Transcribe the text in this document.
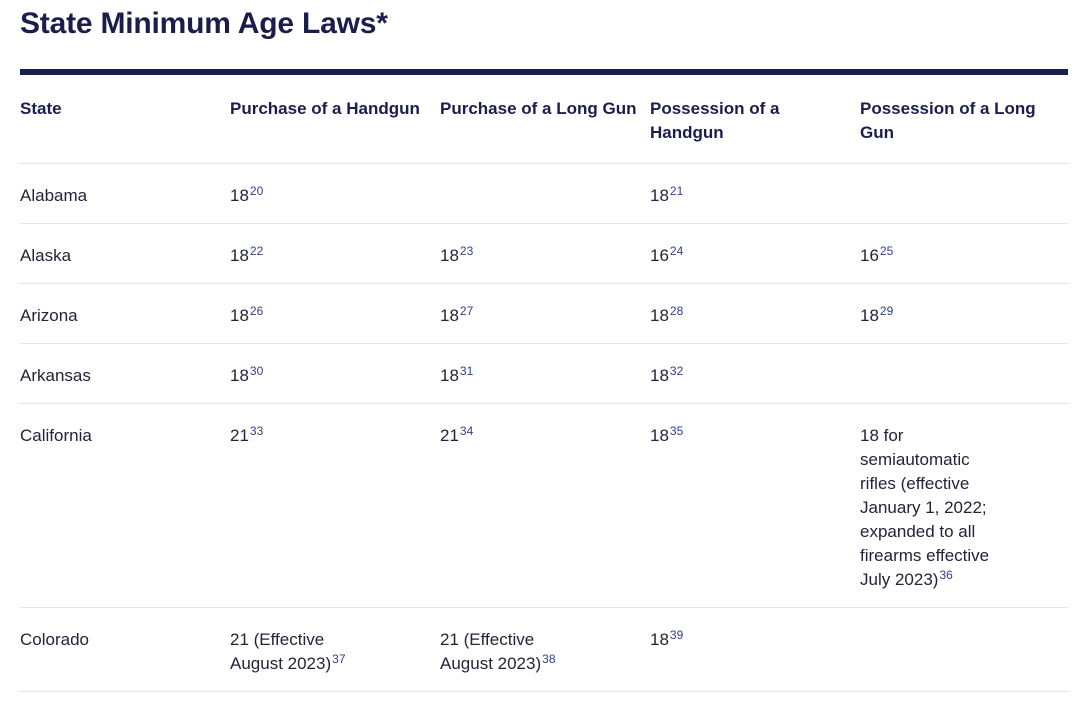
State Minimum Age Laws*
State	Purchase of a Handgun	Purchase of a Long Gun	Possession of a Handgun	Possession of a Long Gun
Alabama	$18^{20}$		$18^{21}$	
Alaska	$18^{22}$	$18^{23}$	$16^{24}$	$16^{25}$
Arizona	$18^{26}$	$18^{27}$	$18^{28}$	$18^{29}$
Arkansas	$18^{30}$	$18^{31}$	$18^{32}$	
California	$21^{33}$	$21^{34}$	$18^{35}$	18 for semiautomatic rifles (effective January 1, 2022; expanded to all firearms effective July 2023)$^{36}$

Colorado	21 (Effective August 2023)$^{37}$	21 (Effective August 2023)$^{38}$	$18^{39}$	
